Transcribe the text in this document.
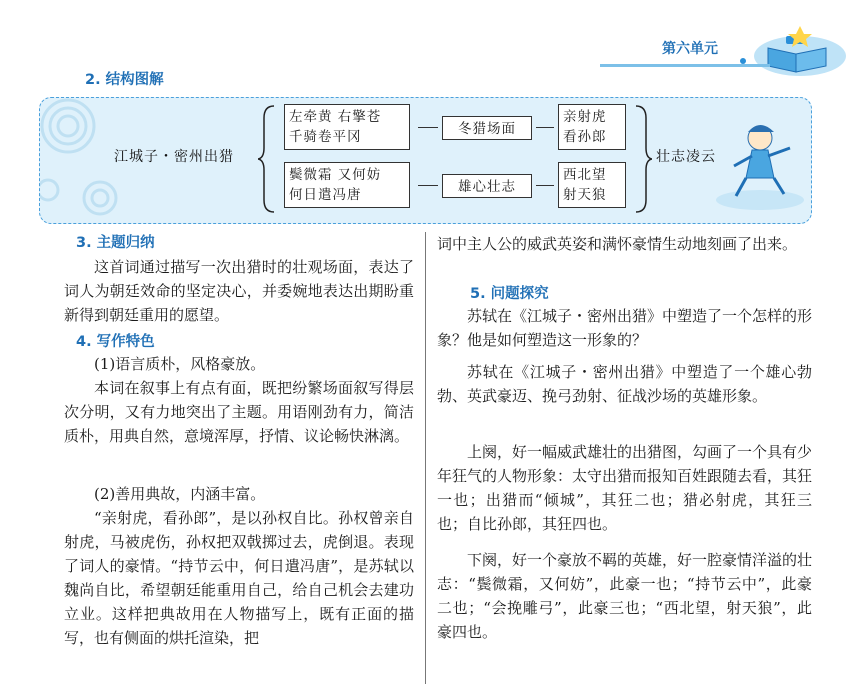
第六单元
2. 结构图解
江城子・密州出猎
左牵黄 右擎苍
千骑卷平冈	冬猎场面
亲射虎
看孙郎
鬓微霜 又何妨
何日遣冯唐	雄心壮志
西北望
射天狼
壮志凌云
3. 主题归纳

这首词通过描写一次出猎时的壮观场面，表达了词人为朝廷效命的坚定决心，并委婉地表达出期盼重新得到朝廷重用的愿望。

4. 写作特色
(1)语言质朴，风格豪放。

本词在叙事上有点有面，既把纷繁场面叙写得层次分明，又有力地突出了主题。用语刚劲有力，简洁质朴，用典自然，意境浑厚，抒情、议论畅快淋漓。

(2)善用典故，内涵丰富。

“亲射虎，看孙郎”，是以孙权自比。孙权曾亲自射虎，马被虎伤，孙权把双戟掷过去，虎倒退。表现了词人的豪情。“持节云中，何日遣冯唐”，是苏轼以魏尚自比，希望朝廷能重用自己，给自己机会去建功立业。这样把典故用在人物描写上，既有正面的描写，也有侧面的烘托渲染，把

词中主人公的威武英姿和满怀豪情生动地刻画了出来。

5. 问题探究

苏轼在《江城子・密州出猎》中塑造了一个怎样的形象？他是如何塑造这一形象的？

苏轼在《江城子・密州出猎》中塑造了一个雄心勃勃、英武豪迈、挽弓劲射、征战沙场的英雄形象。

上阕，好一幅威武雄壮的出猎图，勾画了一个具有少年狂气的人物形象：太守出猎而报知百姓跟随去看，其狂一也；出猎而“倾城”，其狂二也；猎必射虎，其狂三也；自比孙郎，其狂四也。

下阕，好一个豪放不羁的英雄，好一腔豪情洋溢的壮志：“鬓微霜，又何妨”，此豪一也；“持节云中”，此豪二也；“会挽雕弓”，此豪三也；“西北望，射天狼”，此豪四也。
